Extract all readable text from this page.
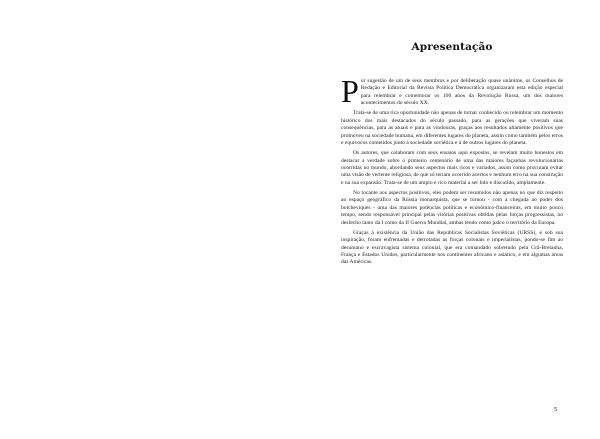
Apresentação

Por sugestão de um de seus membros e por deliberação quase unânime, os Conselhos de Redação e Editorial da Revista Política Democrática organizaram esta edição especial para relembrar e comemorar os 100 anos da Revolução Russa, um dos maiores acontecimentos do século XX.

Trata-se de uma rica oportunidade não apenas de tornar conhecido ou relembrar um momento histórico dos mais destacados do século passado, para as gerações que viveram suas consequências, para as atuais e para as vindouras, graças aos resultados altamente positivos que promoveu na sociedade humana, em diferentes lugares do planeta, assim como também pelos erros e equívocos cometidos junto à sociedade soviética e à de outros lugares do planeta.

Os autores, que colaboram com seus ensaios aqui expostos, se revelam muito honestos em destacar a verdade sobre o primeiro centenário de uma das maiores façanhas revolucionárias ocorridas no mundo, abordando seus aspectos mais ricos e variados, assim como procuram evitar uma visão de vertente religiosa, de que só teriam ocorrido acertos e nenhum erro na sua construção e na sua expansão. Trata-se de um amplo e rico material a ser lido e discutido, amplamente.

No tocante aos aspectos positivos, eles podem ser resumidos não apenas no que diz respeito ao espaço geográfico da Rússia monarquista, que se tornou - com a chegada ao poder dos bolcheviques - uma das maiores potências políticas e econômico-financeiras, em muito pouco tempo, sendo responsável principal pelas vitórias positivas obtidas pelas forças progressistas, no desfecho tanto da I como da II Guerra Mundial, ambas tendo como palco o território da Europa.

Graças à existência da União das Repúblicas Socialistas Soviéticas (URSS), e sob sua inspiração, foram enfrentadas e derrotadas as forças colonais e imperialistas, pondo-se fim ao desumano e escravagista sistema colonial, que era comandado sobretudo pela Grã-Bretanha, França e Estados Unidos, particularmente nos continentes africano e asiático, e em algumas áreas das Américas.

5
